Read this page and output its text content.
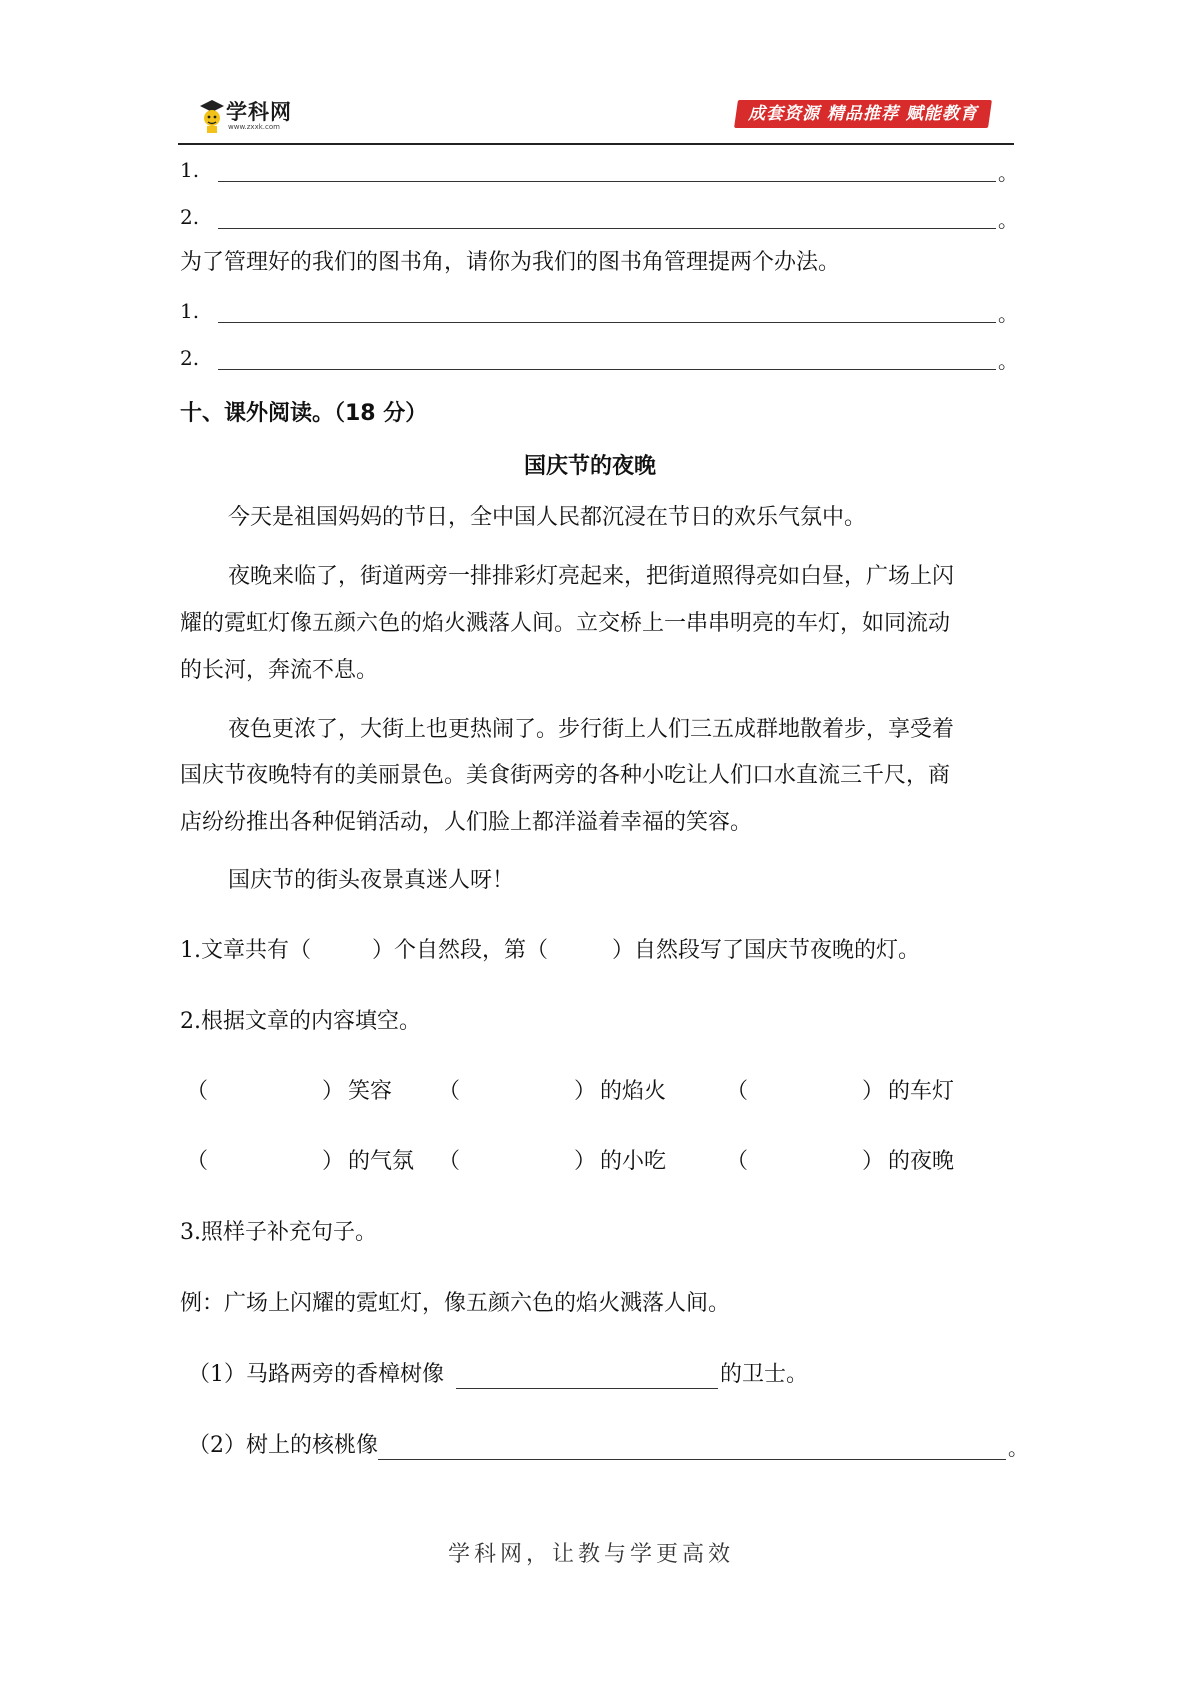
学科网
www.zxxk.com
成套资源 精品推荐 赋能教育
1.	。
2.	。
为了管理好的我们的图书角，请你为我们的图书角管理提两个办法。
1.	。
2.	。
十、课外阅读。（18 分）
国庆节的夜晚
今天是祖国妈妈的节日，全中国人民都沉浸在节日的欢乐气氛中。
夜晚来临了，街道两旁一排排彩灯亮起来，把街道照得亮如白昼，广场上闪
耀的霓虹灯像五颜六色的焰火溅落人间。立交桥上一串串明亮的车灯，如同流动
的长河，奔流不息。
夜色更浓了，大街上也更热闹了。步行街上人们三五成群地散着步，享受着
国庆节夜晚特有的美丽景色。美食街两旁的各种小吃让人们口水直流三千尺，商
店纷纷推出各种促销活动，人们脸上都洋溢着幸福的笑容。
国庆节的街头夜景真迷人呀！
1.文章共有（	）个自然段，第（	）自然段写了国庆节夜晚的灯。
2.根据文章的内容填空。
（	） 笑容 （	） 的焰火	（	） 的车灯
（	） 的气氛 （	） 的小吃	（	） 的夜晚
3.照样子补充句子。
例：广场上闪耀的霓虹灯，像五颜六色的焰火溅落人间。
（1）马路两旁的香樟树像	的卫士。
（2）树上的核桃像	。
学科网，让教与学更高效
